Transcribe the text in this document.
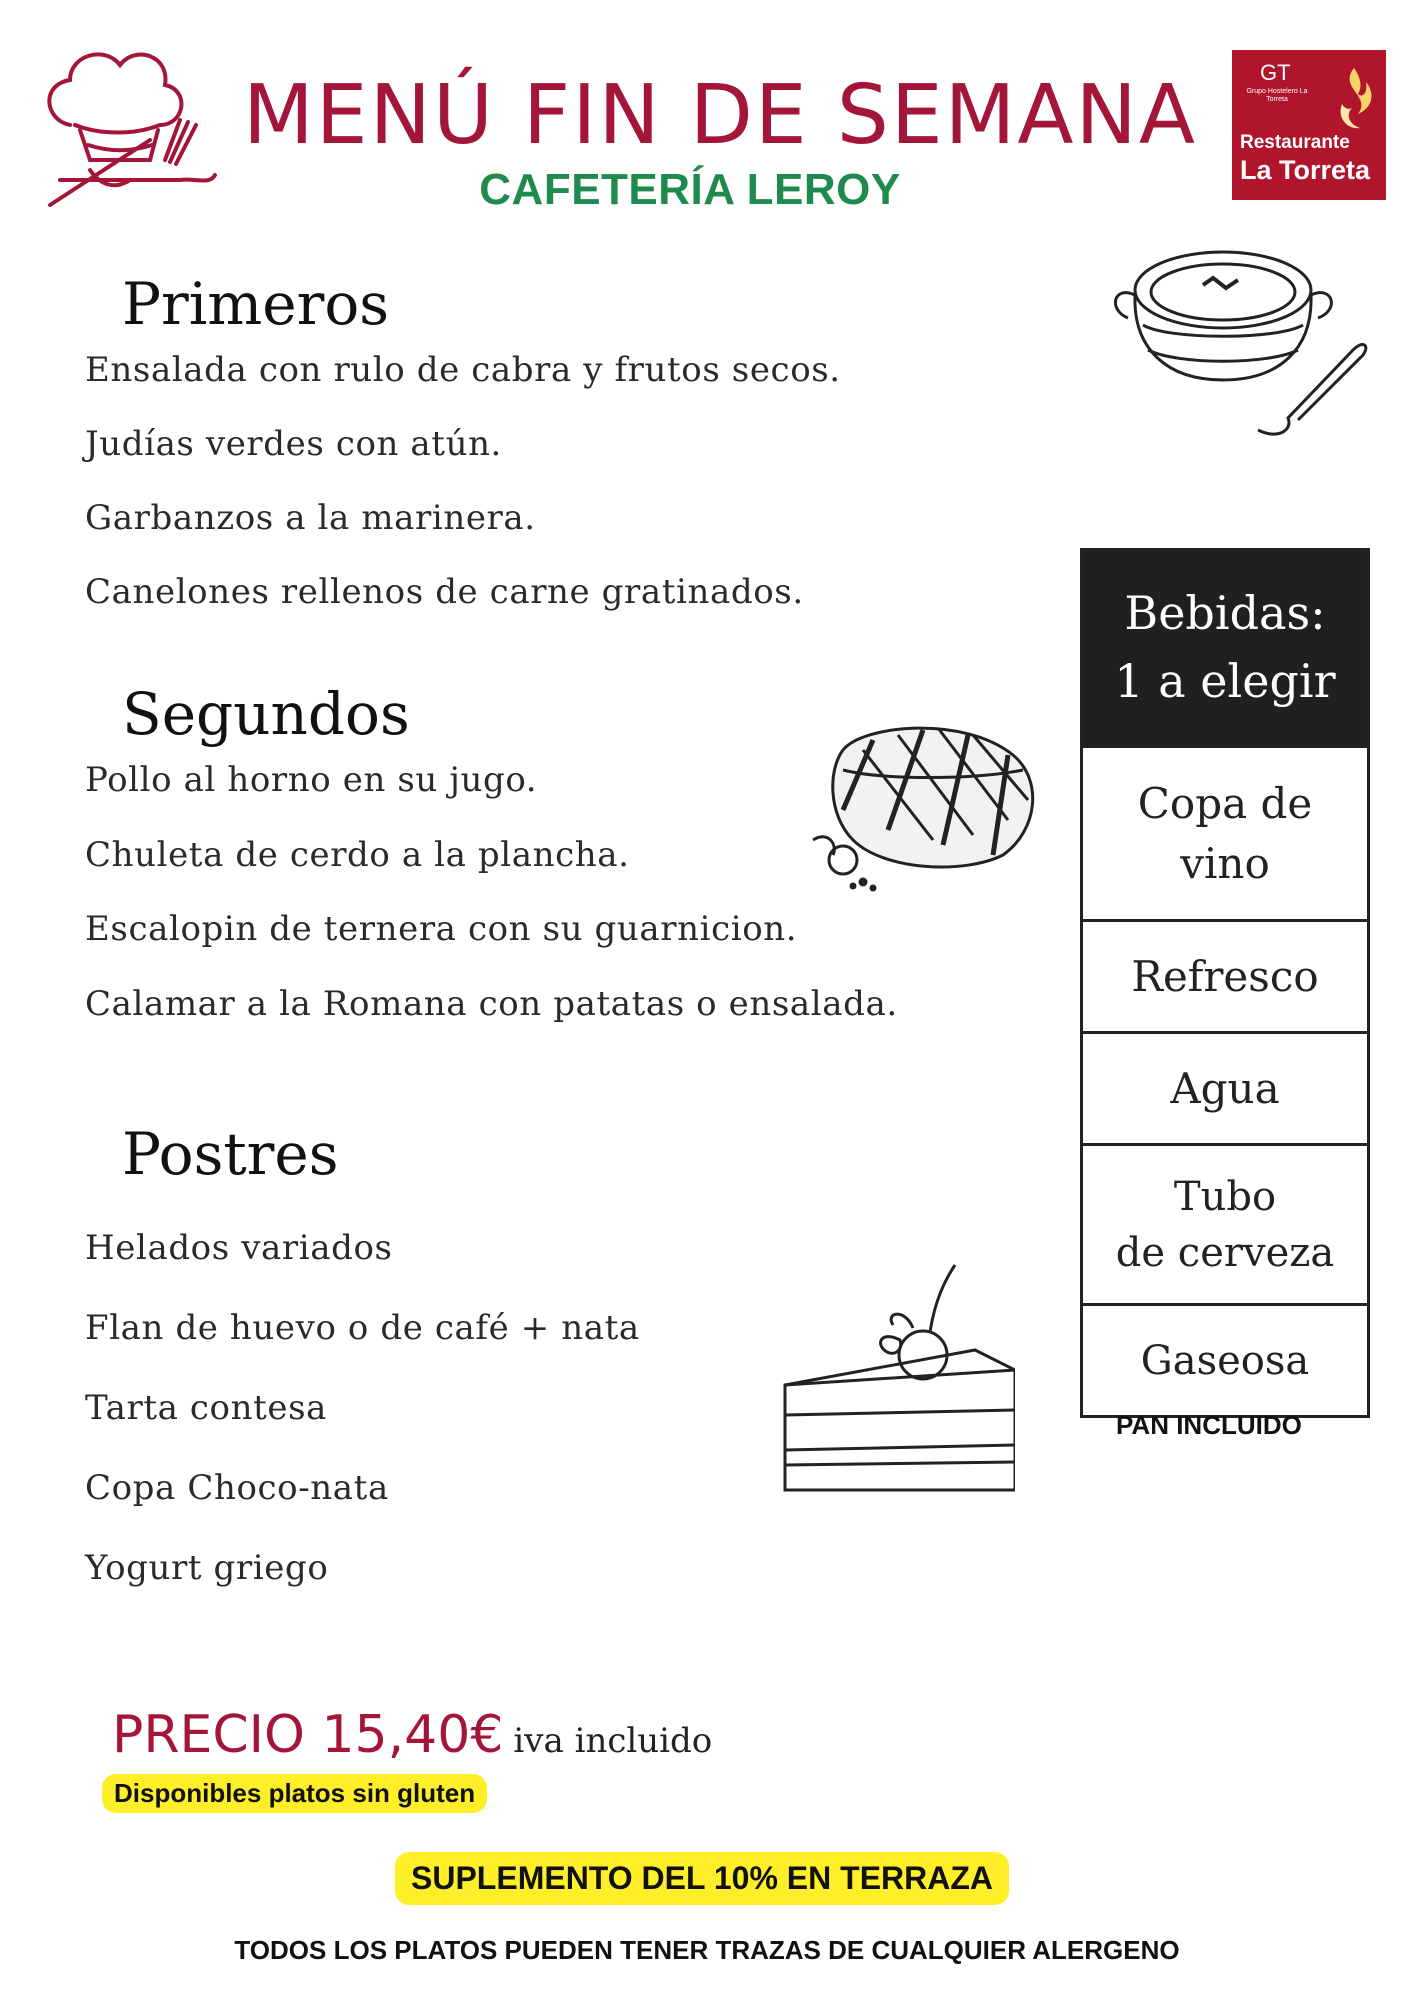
MENÚ FIN DE SEMANA
CAFETERÍA LEROY
GT
Grupo Hostelero La Torreta
Restaurante
La Torreta
Primeros
Ensalada con rulo de cabra y frutos secos.
Judías verdes con atún.
Garbanzos a la marinera.
Canelones rellenos de carne gratinados.
Segundos
Pollo al horno en su jugo.
Chuleta de cerdo a la plancha.
Escalopin de ternera con su guarnicion.
Calamar a la Romana con patatas o ensalada.
Postres
Helados variados
Flan de huevo o de café + nata
Tarta contesa
Copa Choco-nata
Yogurt griego
Bebidas:
1 a elegir
Copa de
vino
Refresco
Agua
Tubo
de cerveza
Gaseosa
PAN INCLUIDO
PRECIO 15,40€ iva incluido
Disponibles platos sin gluten
SUPLEMENTO DEL 10% EN TERRAZA
TODOS LOS PLATOS PUEDEN TENER TRAZAS DE CUALQUIER ALERGENO
